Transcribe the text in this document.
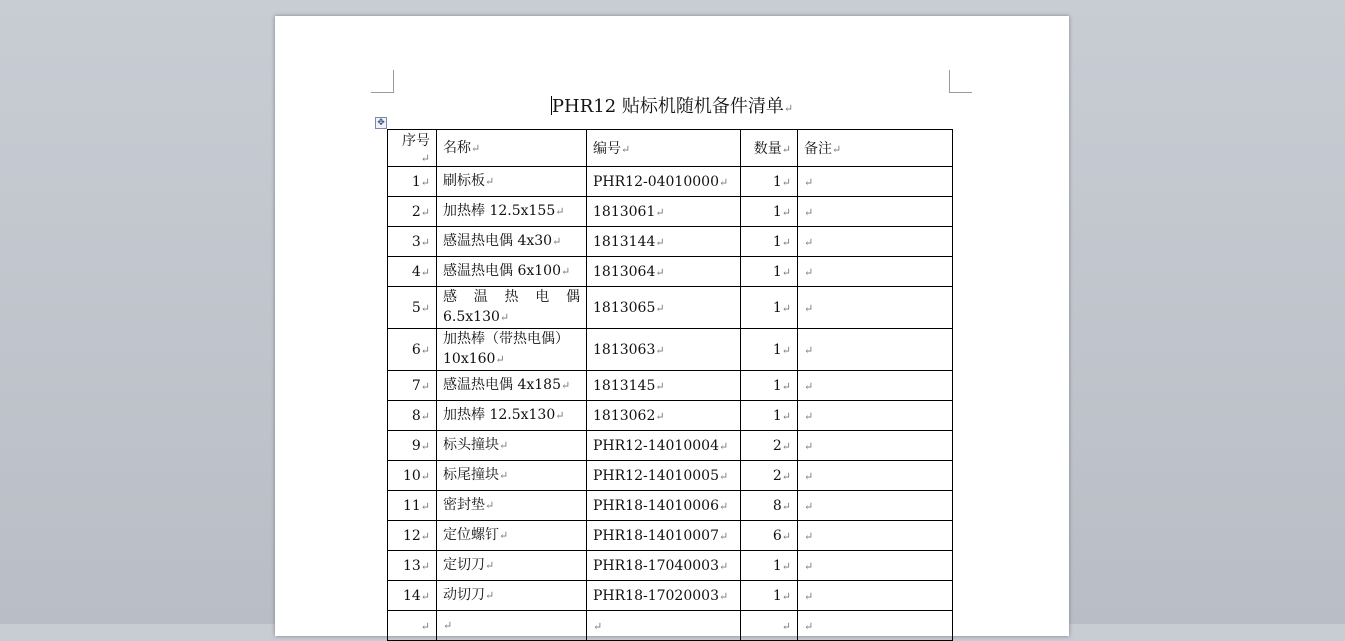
PHR12 贴标机随机备件清单↵
✥
序号↵	名称↵	编号↵	数量↵	备注↵
1↵	刷标板↵	PHR12-04010000↵	1↵	↵
2↵	加热棒 12.5x155↵	1813061↵	1↵	↵
3↵	感温热电偶 4x30↵	1813144↵	1↵	↵
4↵	感温热电偶 6x100↵	1813064↵	1↵	↵
5↵	感 温 热 电 偶
6.5x130↵	1813065↵	1↵	↵
6↵	加热棒（带热电偶）
10x160↵	1813063↵	1↵	↵
7↵	感温热电偶 4x185↵	1813145↵	1↵	↵
8↵	加热棒 12.5x130↵	1813062↵	1↵	↵
9↵	标头撞块↵	PHR12-14010004↵	2↵	↵
10↵	标尾撞块↵	PHR12-14010005↵	2↵	↵
11↵	密封垫↵	PHR18-14010006↵	8↵	↵
12↵	定位螺钉↵	PHR18-14010007↵	6↵	↵
13↵	定切刀↵	PHR18-17040003↵	1↵	↵
14↵	动切刀↵	PHR18-17020003↵	1↵	↵
↵	↵	↵	↵	↵
